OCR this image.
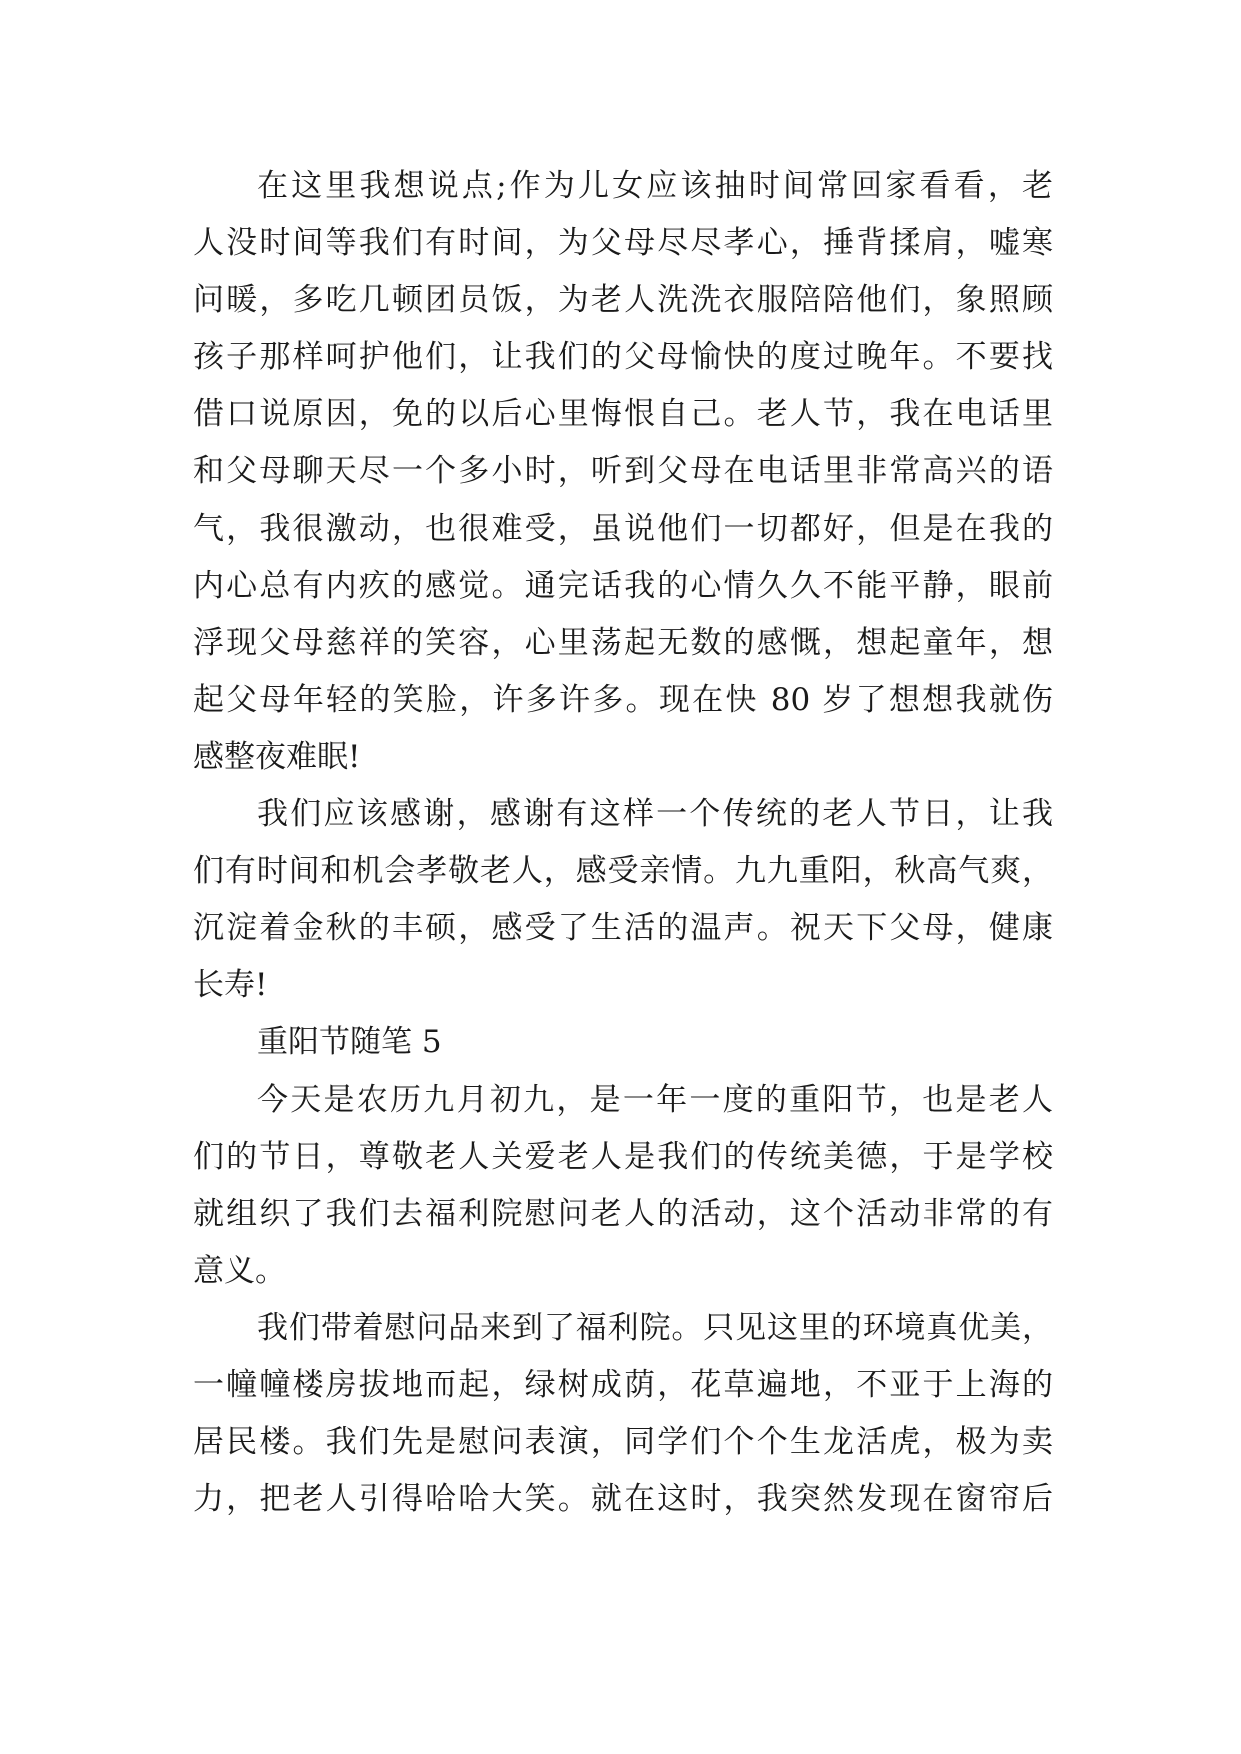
在这里我想说点;作为儿女应该抽时间常回家看看，老
人没时间等我们有时间，为父母尽尽孝心，捶背揉肩，嘘寒
问暖，多吃几顿团员饭，为老人洗洗衣服陪陪他们，象照顾
孩子那样呵护他们，让我们的父母愉快的度过晚年。不要找
借口说原因，免的以后心里悔恨自己。老人节，我在电话里
和父母聊天尽一个多小时，听到父母在电话里非常高兴的语
气，我很激动，也很难受，虽说他们一切都好，但是在我的
内心总有内疚的感觉。通完话我的心情久久不能平静，眼前
浮现父母慈祥的笑容，心里荡起无数的感慨，想起童年，想
起父母年轻的笑脸，许多许多。现在快 80 岁了想想我就伤
感整夜难眠!
我们应该感谢，感谢有这样一个传统的老人节日，让我
们有时间和机会孝敬老人，感受亲情。九九重阳，秋高气爽，
沉淀着金秋的丰硕，感受了生活的温声。祝天下父母，健康
长寿!
重阳节随笔 5
今天是农历九月初九，是一年一度的重阳节，也是老人
们的节日，尊敬老人关爱老人是我们的传统美德，于是学校
就组织了我们去福利院慰问老人的活动，这个活动非常的有
意义。
我们带着慰问品来到了福利院。只见这里的环境真优美，
一幢幢楼房拔地而起，绿树成荫，花草遍地，不亚于上海的
居民楼。我们先是慰问表演，同学们个个生龙活虎，极为卖
力，把老人引得哈哈大笑。就在这时，我突然发现在窗帘后
